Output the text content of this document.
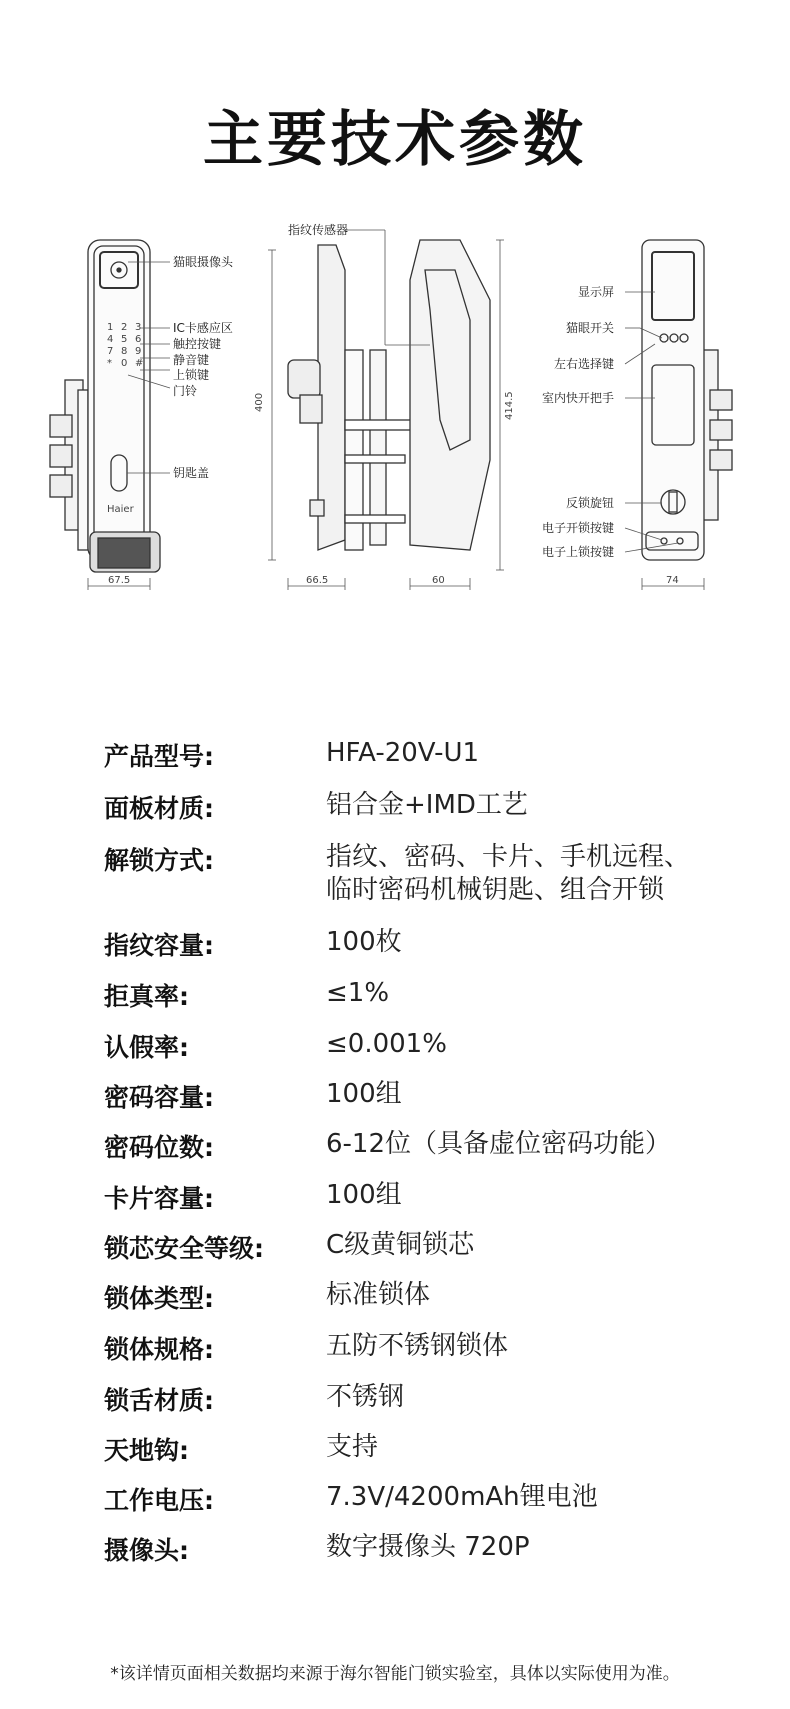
主要技术参数
1 2 3
4 5 6
7 8 9
* 0 #
Haier
猫眼摄像头
IC卡感应区
触控按键
静音键
上锁键
门铃
钥匙盖
67.5
指纹传感器
400	414.5
66.5	60
显示屏
猫眼开关
左右选择键
室内快开把手
反锁旋钮
电子开锁按键
电子上锁按键
74
产品型号:	HFA-20V-U1
面板材质:	铝合金+IMD工艺
解锁方式:	指纹、密码、卡片、手机远程、
临时密码机械钥匙、组合开锁
指纹容量:	100枚
拒真率:	≤1%
认假率:	≤0.001%
密码容量:	100组
密码位数:	6-12位（具备虚位密码功能）
卡片容量:	100组
锁芯安全等级: C级黄铜锁芯
锁体类型:	标准锁体
锁体规格:	五防不锈钢锁体
锁舌材质:	不锈钢
天地钩:	支持
工作电压:	7.3V/4200mAh锂电池
摄像头:	数字摄像头 720P
*该详情页面相关数据均来源于海尔智能门锁实验室，具体以实际使用为准。
